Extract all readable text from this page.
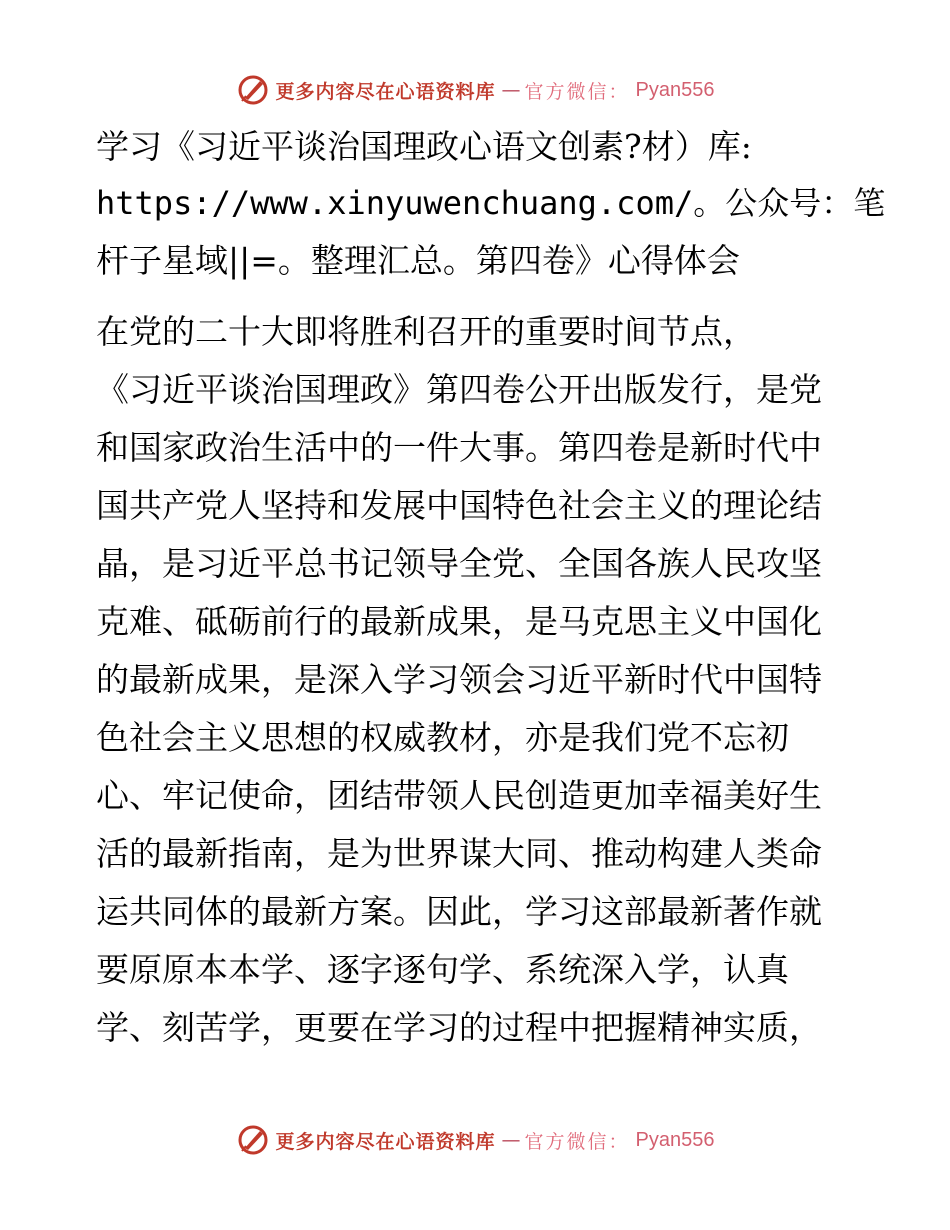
更多内容尽在心语资料库 — 官方微信： Pyan556
学习《习近平谈治国理政心语文创素?材）库:
https://www.xinyuwenchuang.com/。公众号：笔
杆子星域||=。整理汇总。第四卷》心得体会

在党的二十大即将胜利召开的重要时间节点，
《习近平谈治国理政》第四卷公开出版发行，是党
和国家政治生活中的一件大事。第四卷是新时代中
国共产党人坚持和发展中国特色社会主义的理论结
晶，是习近平总书记领导全党、全国各族人民攻坚
克难、砥砺前行的最新成果，是马克思主义中国化
的最新成果，是深入学习领会习近平新时代中国特
色社会主义思想的权威教材，亦是我们党不忘初
心、牢记使命，团结带领人民创造更加幸福美好生
活的最新指南，是为世界谋大同、推动构建人类命
运共同体的最新方案。因此，学习这部最新著作就
要原原本本学、逐字逐句学、系统深入学，认真
学、刻苦学，更要在学习的过程中把握精神实质，

更多内容尽在心语资料库 — 官方微信： Pyan556
